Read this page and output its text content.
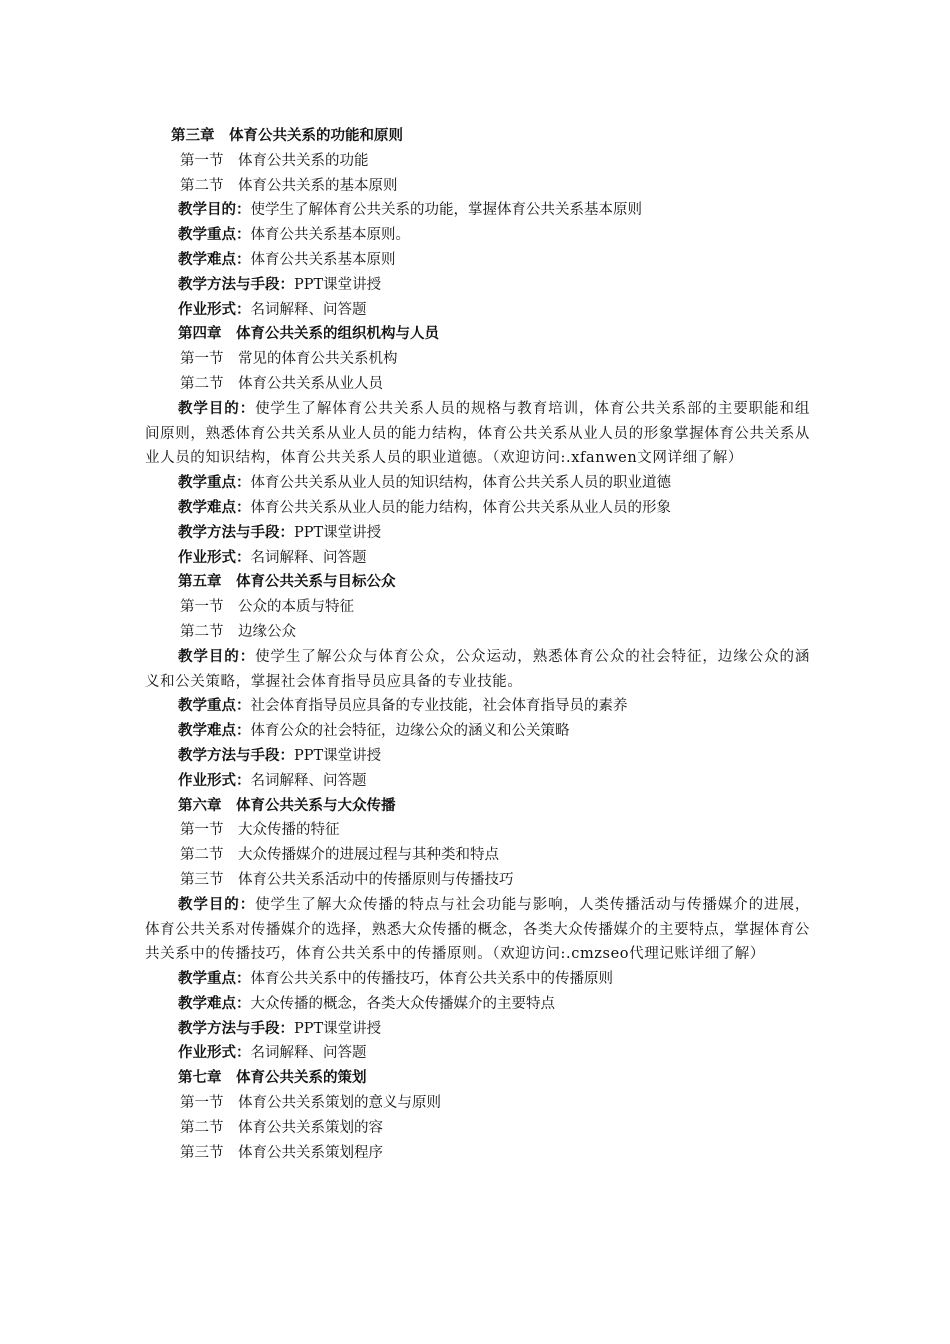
第三章　体育公共关系的功能和原则
第一节　体育公共关系的功能
第二节　体育公共关系的基本原则
教学目的：使学生了解体育公共关系的功能，掌握体育公共关系基本原则
教学重点：体育公共关系基本原则。
教学难点：体育公共关系基本原则
教学方法与手段：PPT课堂讲授
作业形式：名词解释、问答题
第四章　体育公共关系的组织机构与人员
第一节　常见的体育公共关系机构
第二节　体育公共关系从业人员
教学目的：使学生了解体育公共关系人员的规格与教育培训，体育公共关系部的主要职能和组间原则，熟悉体育公共关系从业人员的能力结构，体育公共关系从业人员的形象掌握体育公共关系从业人员的知识结构，体育公共关系人员的职业道德。（欢迎访问:.xfanwen文网详细了解）
教学重点：体育公共关系从业人员的知识结构，体育公共关系人员的职业道德
教学难点：体育公共关系从业人员的能力结构，体育公共关系从业人员的形象
教学方法与手段：PPT课堂讲授
作业形式：名词解释、问答题
第五章　体育公共关系与目标公众
第一节　公众的本质与特征
第二节　边缘公众
教学目的：使学生了解公众与体育公众，公众运动，熟悉体育公众的社会特征，边缘公众的涵义和公关策略，掌握社会体育指导员应具备的专业技能。
教学重点：社会体育指导员应具备的专业技能，社会体育指导员的素养
教学难点：体育公众的社会特征，边缘公众的涵义和公关策略
教学方法与手段：PPT课堂讲授
作业形式：名词解释、问答题
第六章　体育公共关系与大众传播
第一节　大众传播的特征
第二节　大众传播媒介的进展过程与其种类和特点
第三节　体育公共关系活动中的传播原则与传播技巧
教学目的：使学生了解大众传播的特点与社会功能与影响，人类传播活动与传播媒介的进展，体育公共关系对传播媒介的选择，熟悉大众传播的概念，各类大众传播媒介的主要特点，掌握体育公共关系中的传播技巧，体育公共关系中的传播原则。（欢迎访问:.cmzseo代理记账详细了解）
教学重点：体育公共关系中的传播技巧，体育公共关系中的传播原则
教学难点：大众传播的概念，各类大众传播媒介的主要特点
教学方法与手段：PPT课堂讲授
作业形式：名词解释、问答题
第七章　体育公共关系的策划
第一节　体育公共关系策划的意义与原则
第二节　体育公共关系策划的容
第三节　体育公共关系策划程序
